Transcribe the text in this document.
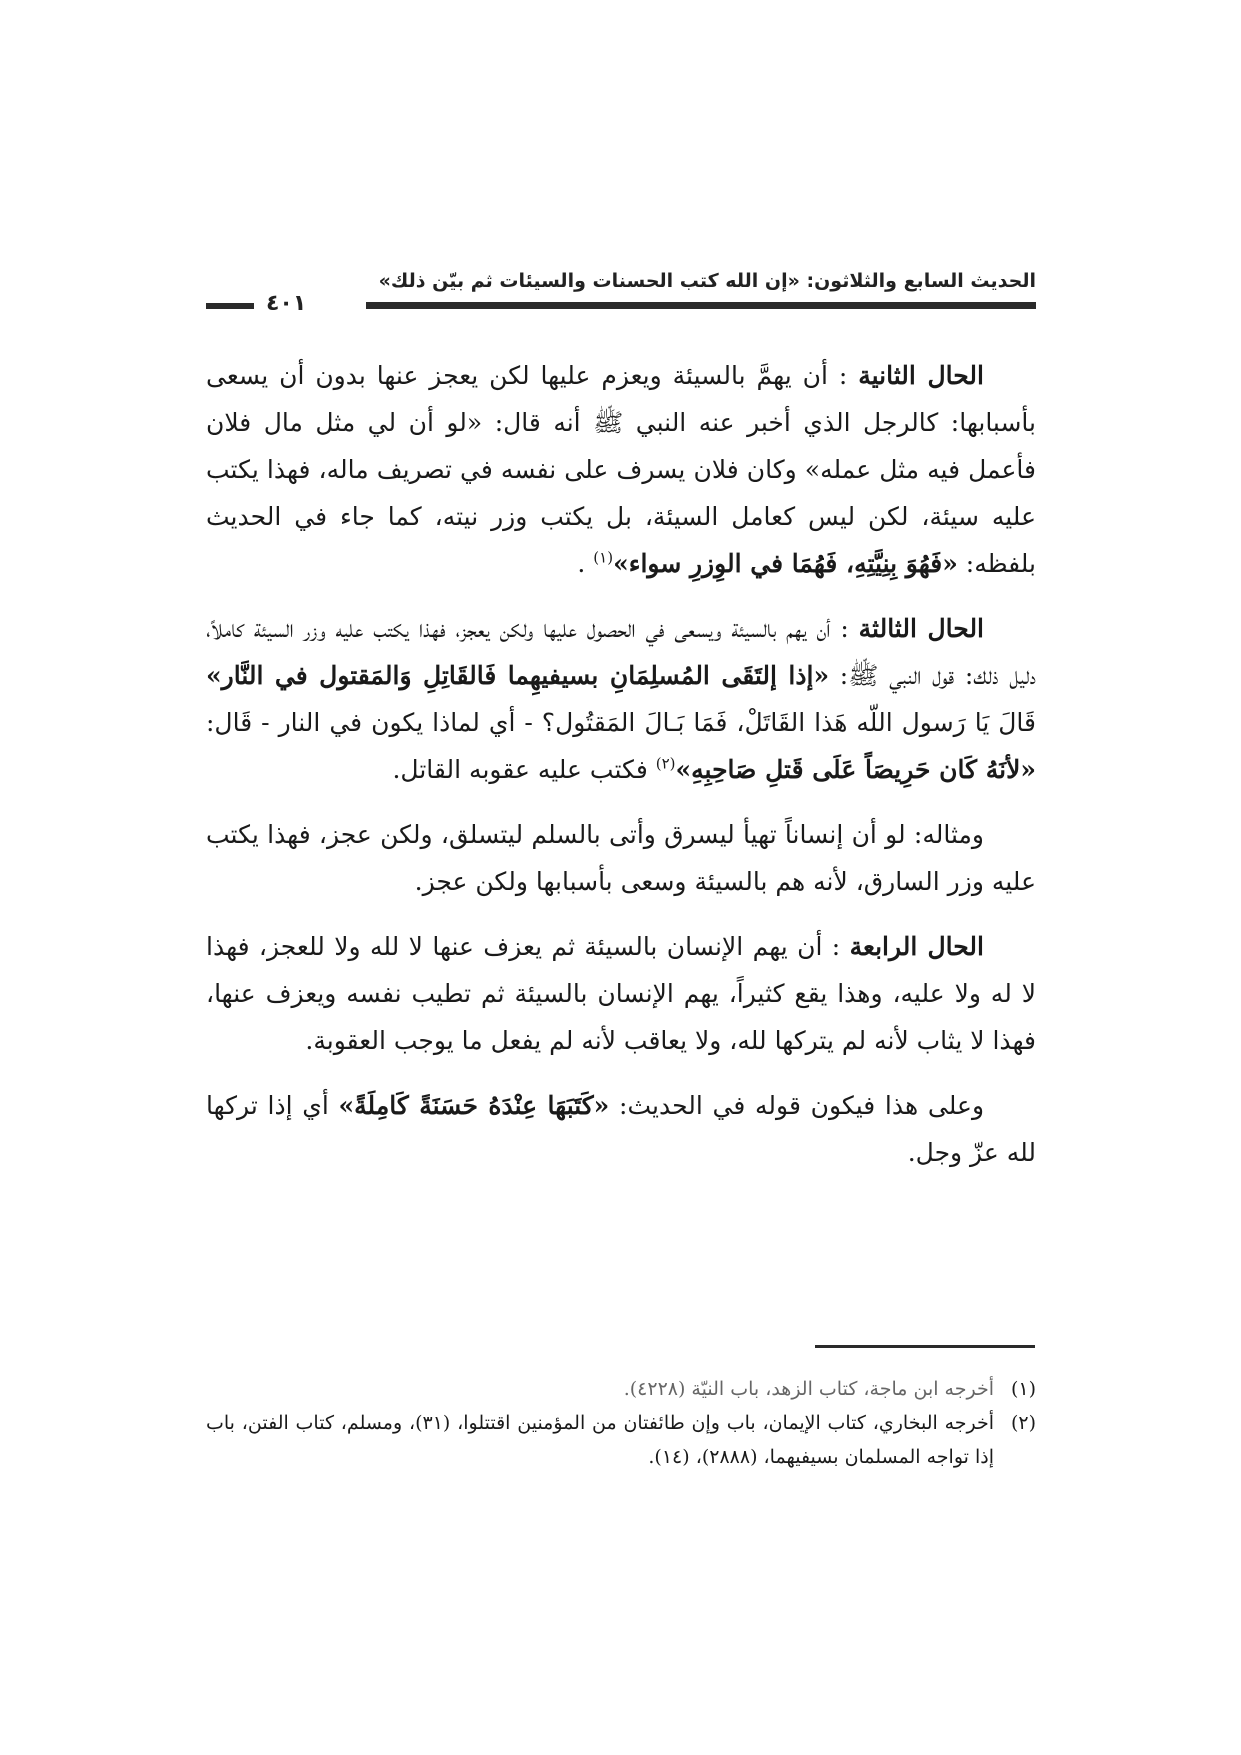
الحديث السابع والثلاثون: «إن الله كتب الحسنات والسيئات ثم بيّن ذلك»
٤٠١

الحال الثانية : أن يهمَّ بالسيئة ويعزم عليها لكن يعجز عنها بدون أن يسعى بأسبابها: كالرجل الذي أخبر عنه النبي ﷺ أنه قال: «لو أن لي مثل مال فلان فأعمل فيه مثل عمله» وكان فلان يسرف على نفسه في تصريف ماله، فهذا يكتب عليه سيئة، لكن ليس كعامل السيئة، بل يكتب وزر نيته، كما جاء في الحديث بلفظه: «فَهُوَ بِنِيَّتِهِ، فَهُمَا في الوِزرِ سواء»$^{(١)}$ .

الحال الثالثة : أن يهم بالسيئة ويسعى في الحصول عليها ولكن يعجز، فهذا يكتب عليه وزر السيئة كاملاً، دليل ذلك: قول النبي ﷺ: «إذا إلتَقَى المُسلِمَانِ بسيفيهِما فَالقَاتِلِ وَالمَقتول في النَّار» قَالَ يَا رَسول اللّه هَذا القَاتَلْ، فَمَا بَـالَ المَقتُول؟ - أي لماذا يكون في النار - قَال: «لأنَهُ كَان حَرِيصَاً عَلَى قَتلِ صَاحِبِهِ»$^{(٢)}$ فكتب عليه عقوبه القاتل.

ومثاله: لو أن إنساناً تهيأ ليسرق وأتى بالسلم ليتسلق، ولكن عجز، فهذا يكتب عليه وزر السارق، لأنه هم بالسيئة وسعى بأسبابها ولكن عجز.

الحال الرابعة : أن يهم الإنسان بالسيئة ثم يعزف عنها لا لله ولا للعجز، فهذا لا له ولا عليه، وهذا يقع كثيراً، يهم الإنسان بالسيئة ثم تطيب نفسه ويعزف عنها، فهذا لا يثاب لأنه لم يتركها لله، ولا يعاقب لأنه لم يفعل ما يوجب العقوبة.

وعلى هذا فيكون قوله في الحديث: «كَتَبَهَا عِنْدَهُ حَسَنَةً كَامِلَةً» أي إذا تركها لله عزّ وجل.

(١)
أخرجه ابن ماجة، كتاب الزهد، باب النيّة (٤٢٢٨).

(٢)
أخرجه البخاري، كتاب الإيمان، باب وإن طائفتان من المؤمنين اقتتلوا، (٣١)، ومسلم، كتاب الفتن، باب إذا تواجه المسلمان بسيفيهما، (٢٨٨٨)، (١٤).
